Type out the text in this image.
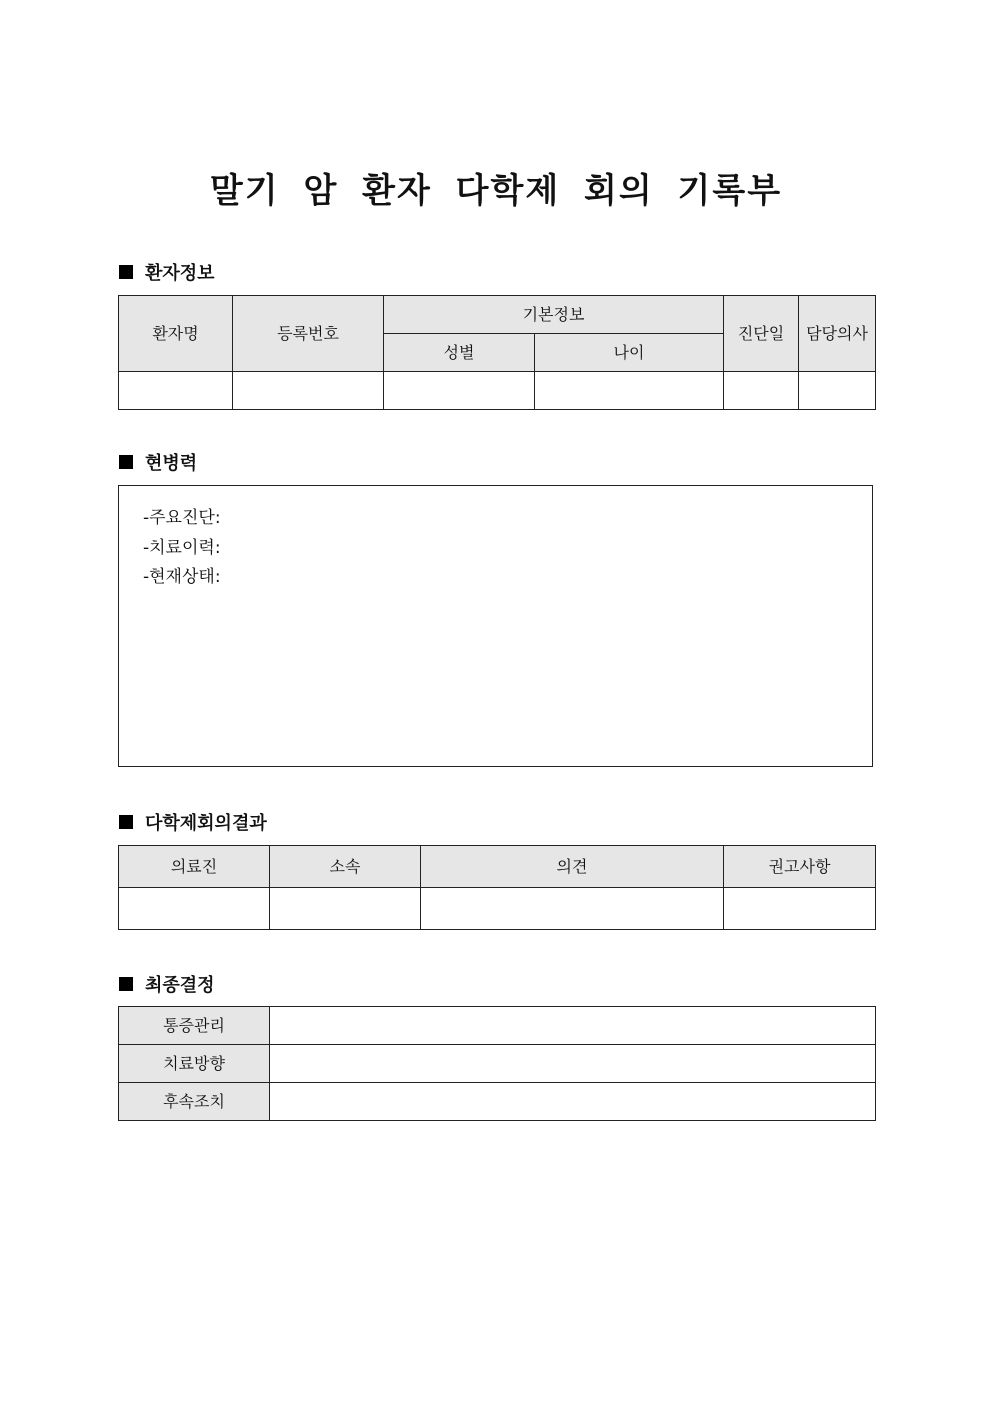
말기 암 환자 다학제 회의 기록부
환자정보
환자명	등록번호	기본정보		진단일	담당의사
		성별	나이		

현병력
-주요진단:
-치료이력:
-현재상태:
다학제회의결과
의료진	소속	의견	권고사항

최종결정
통증관리	
치료방향	
후속조치	
